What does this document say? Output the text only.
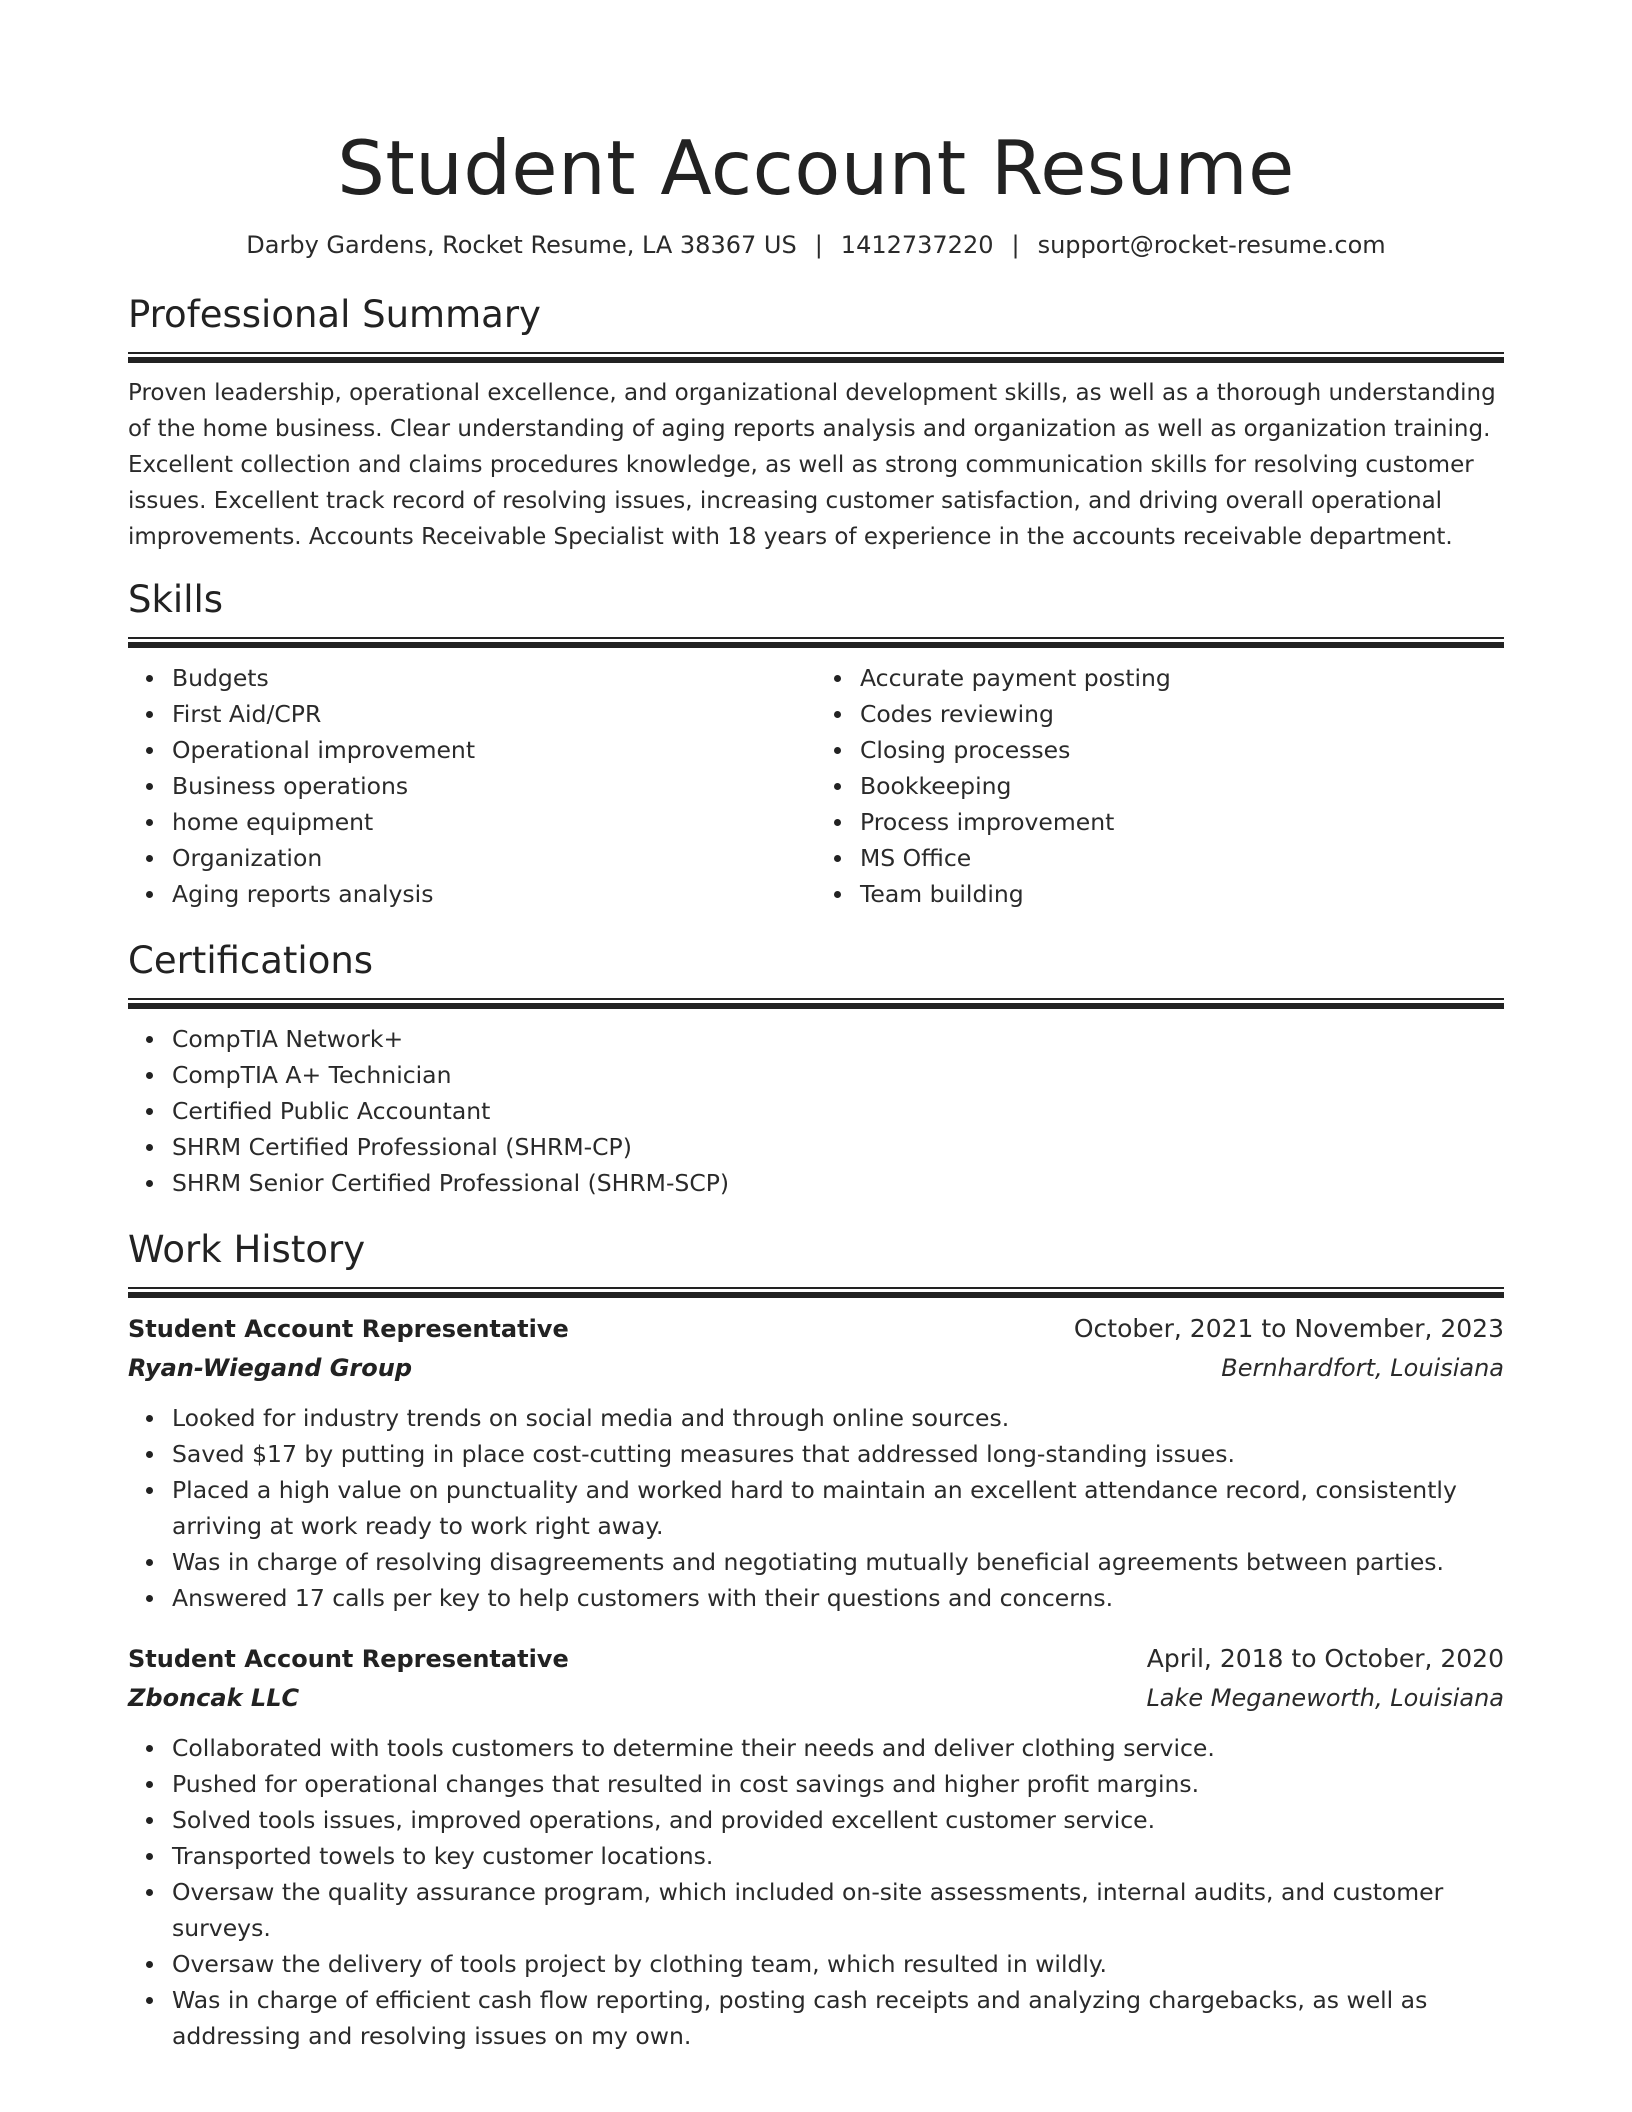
Student Account Resume
Darby Gardens, Rocket Resume, LA 38367 US | 1412737220 | support@rocket-resume.com
Professional Summary

Proven leadership, operational excellence, and organizational development skills, as well as a thorough understanding of the home business. Clear understanding of aging reports analysis and organization as well as organization training. Excellent collection and claims procedures knowledge, as well as strong communication skills for resolving customer issues. Excellent track record of resolving issues, increasing customer satisfaction, and driving overall operational improvements. Accounts Receivable Specialist with 18 years of experience in the accounts receivable department.

Skills
Budgets
First Aid/CPR
Operational improvement
Business operations
home equipment
Organization
Aging reports analysis
Accurate payment posting
Codes reviewing
Closing processes
Bookkeeping
Process improvement
MS Office
Team building
Certifications
CompTIA Network+
CompTIA A+ Technician
Certified Public Accountant
SHRM Certified Professional (SHRM-CP)
SHRM Senior Certified Professional (SHRM-SCP)
Work History
Student Account Representative	October, 2021 to November, 2023
Ryan-Wiegand Group	Bernhardfort, Louisiana
Looked for industry trends on social media and through online sources.
Saved $17 by putting in place cost-cutting measures that addressed long-standing issues.
Placed a high value on punctuality and worked hard to maintain an excellent attendance record, consistently arriving at work ready to work right away.
Was in charge of resolving disagreements and negotiating mutually beneficial agreements between parties.
Answered 17 calls per key to help customers with their questions and concerns.
Student Account Representative	April, 2018 to October, 2020
Zboncak LLC	Lake Meganeworth, Louisiana
Collaborated with tools customers to determine their needs and deliver clothing service.
Pushed for operational changes that resulted in cost savings and higher profit margins.
Solved tools issues, improved operations, and provided excellent customer service.
Transported towels to key customer locations.
Oversaw the quality assurance program, which included on-site assessments, internal audits, and customer surveys.
Oversaw the delivery of tools project by clothing team, which resulted in wildly.
Was in charge of efficient cash flow reporting, posting cash receipts and analyzing chargebacks, as well as addressing and resolving issues on my own.
